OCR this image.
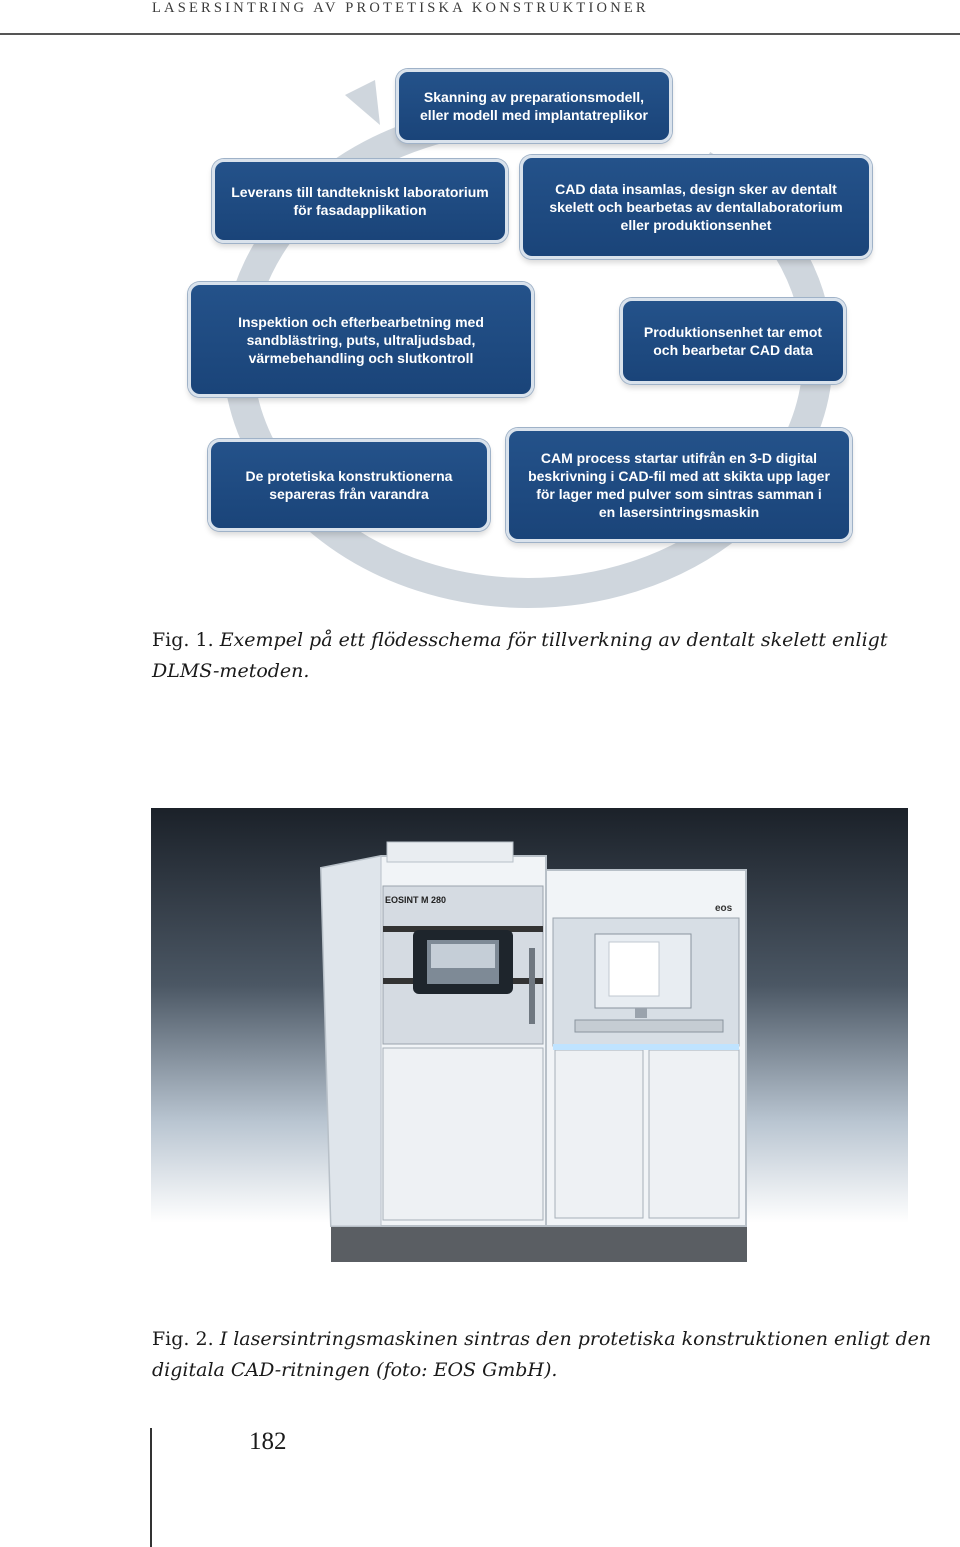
LASERSINTRING AV PROTETISKA KONSTRUKTIONER
Skanning av preparationsmodell,
eller modell med implantatreplikor
CAD data insamlas, design sker av dentalt
skelett och bearbetas av dentallaboratorium
eller produktionsenhet
Produktionsenhet tar emot
och bearbetar CAD data
CAM process startar utifrån en 3-D digital
beskrivning i CAD-fil med att skikta upp lager
för lager med pulver som sintras samman i
en lasersintringsmaskin
De protetiska konstruktionerna
separeras från varandra
Inspektion och efterbearbetning med
sandblästring, puts, ultraljudsbad,
värmebehandling och slutkontroll
Leverans till tandtekniskt laboratorium
för fasadapplikation
Fig. 1. Exempel på ett flödesschema för tillverkning av dentalt skelett enligt DLMS-metoden.
EOSINT M 280
eos
Fig. 2. I lasersintringsmaskinen sintras den protetiska konstruktionen enligt den digitala CAD-ritningen (foto: EOS GmbH).
182
